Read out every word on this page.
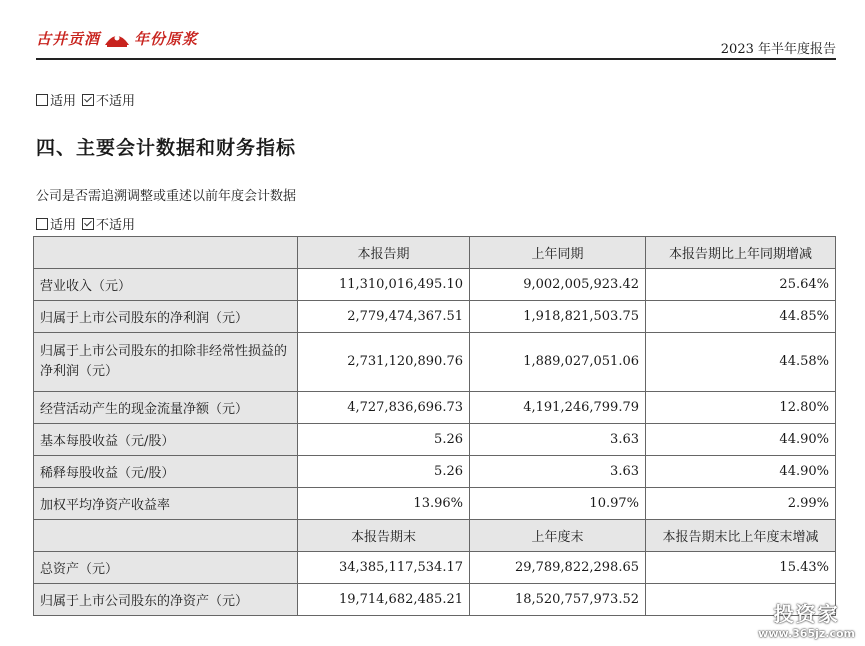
古井贡酒 年份原浆
2023 年半年度报告
适用 不适用
四、主要会计数据和财务指标
公司是否需追溯调整或重述以前年度会计数据
适用 不适用
	本报告期	上年同期	本报告期比上年同期增减
营业收入（元）	11,310,016,495.10	9,002,005,923.42	25.64%
归属于上市公司股东的净利润（元）	2,779,474,367.51	1,918,821,503.75	44.85%
归属于上市公司股东的扣除非经常性损益的净利润（元）	2,731,120,890.76	1,889,027,051.06	44.58%
经营活动产生的现金流量净额（元）	4,727,836,696.73	4,191,246,799.79	12.80%
基本每股收益（元/股）	5.26	3.63	44.90%
稀释每股收益（元/股）	5.26	3.63	44.90%
加权平均净资产收益率	13.96%	10.97%	2.99%
	本报告期末	上年度末	本报告期末比上年度末增减
总资产（元）	34,385,117,534.17	29,789,822,298.65	15.43%
归属于上市公司股东的净资产（元）	19,714,682,485.21	18,520,757,973.52	
投资家
www.365jz.com
